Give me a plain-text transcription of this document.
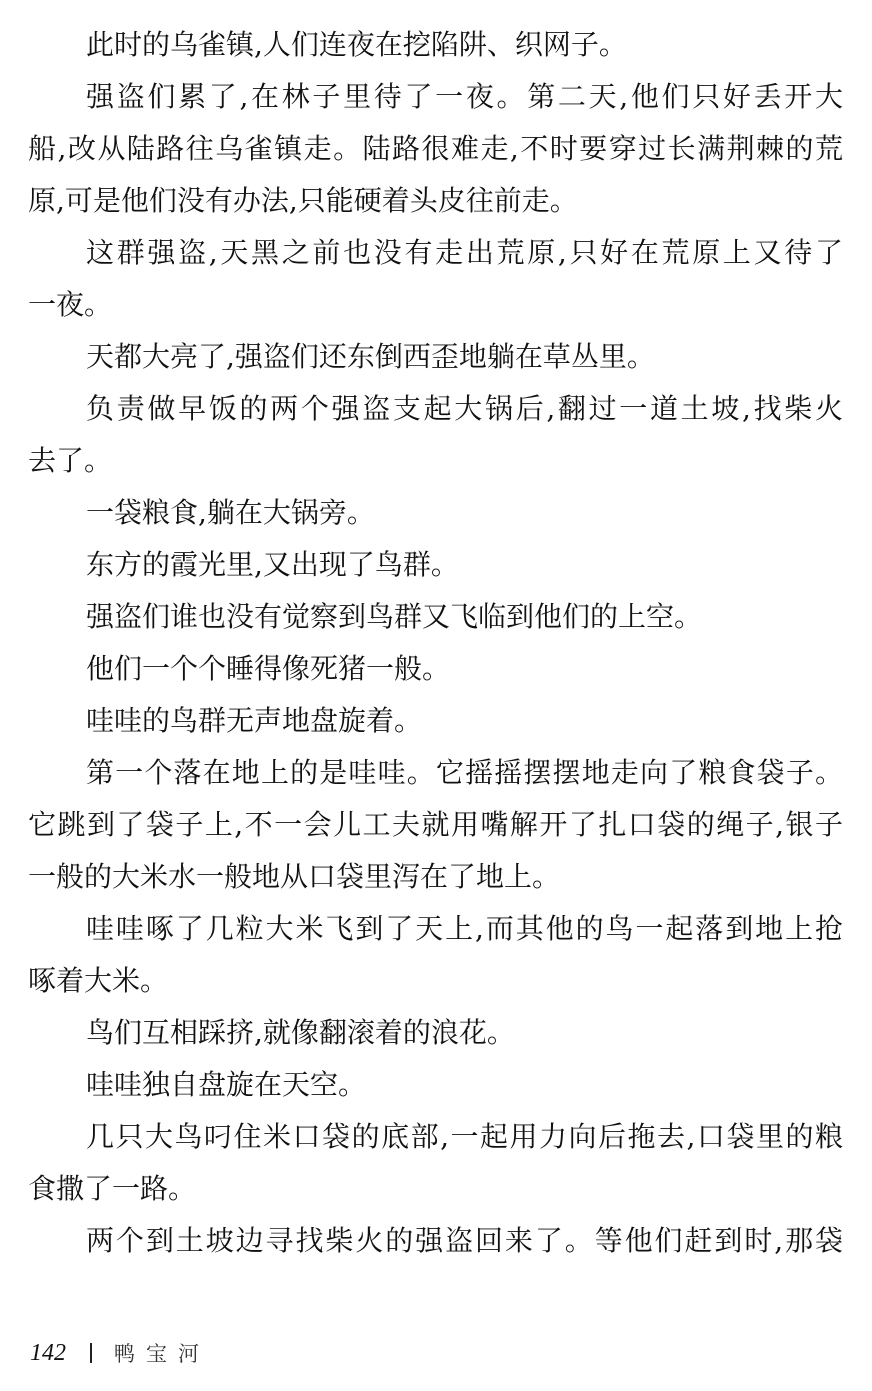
此时的乌雀镇,人们连夜在挖陷阱、织网子。
强盗们累了,在林子里待了一夜。第二天,他们只好丢开大
船,改从陆路往乌雀镇走。陆路很难走,不时要穿过长满荆棘的荒
原,可是他们没有办法,只能硬着头皮往前走。
这群强盗,天黑之前也没有走出荒原,只好在荒原上又待了
一夜。
天都大亮了,强盗们还东倒西歪地躺在草丛里。
负责做早饭的两个强盗支起大锅后,翻过一道土坡,找柴火
去了。
一袋粮食,躺在大锅旁。
东方的霞光里,又出现了鸟群。
强盗们谁也没有觉察到鸟群又飞临到他们的上空。
他们一个个睡得像死猪一般。
哇哇的鸟群无声地盘旋着。
第一个落在地上的是哇哇。它摇摇摆摆地走向了粮食袋子。
它跳到了袋子上,不一会儿工夫就用嘴解开了扎口袋的绳子,银子
一般的大米水一般地从口袋里泻在了地上。
哇哇啄了几粒大米飞到了天上,而其他的鸟一起落到地上抢
啄着大米。
鸟们互相踩挤,就像翻滚着的浪花。
哇哇独自盘旋在天空。
几只大鸟叼住米口袋的底部,一起用力向后拖去,口袋里的粮
食撒了一路。
两个到土坡边寻找柴火的强盗回来了。等他们赶到时,那袋
142 鸭宝河
